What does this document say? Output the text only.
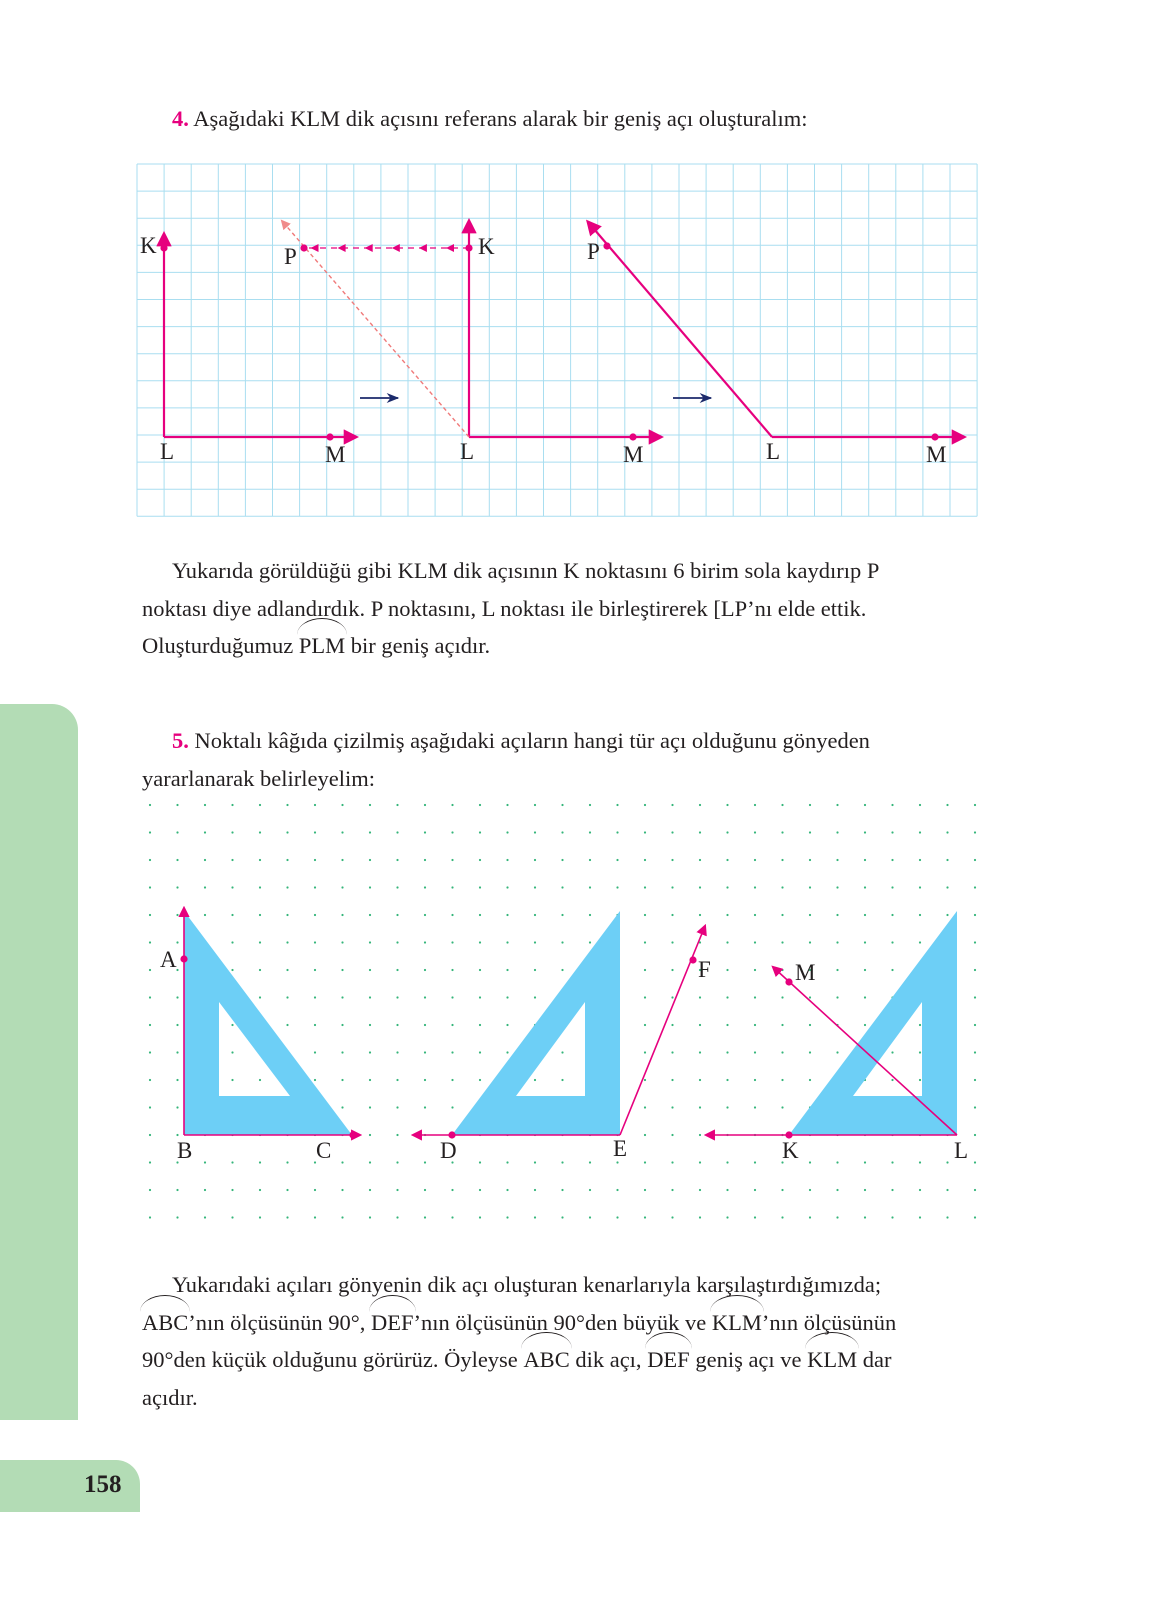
158
4. Aşağıdaki KLM dik açısını referans alarak bir geniş açı oluşturalım:
K
L	M
P	K
L	M
P
L	M

Yukarıda görüldüğü gibi KLM dik açısının K noktasını 6 birim sola kaydırıp P

noktası diye adlandırdık. P noktasını, L noktası ile birleştirerek [LP’nı elde ettik.

Oluşturduğumuz PLM bir geniş açıdır.

5. Noktalı kâğıda çizilmiş aşağıdaki açıların hangi tür açı olduğunu gönyeden

yararlanarak belirleyelim:

A
B	C	D	E
F
K	L
M

Yukarıdaki açıları gönyenin dik açı oluşturan kenarlarıyla karşılaştırdığımızda;

ABC’nın ölçüsünün 90°, DEF’nın ölçüsünün 90°den büyük ve KLM’nın ölçüsünün

90°den küçük olduğunu görürüz. Öyleyse ABC dik açı, DEF geniş açı ve KLM dar

açıdır.
